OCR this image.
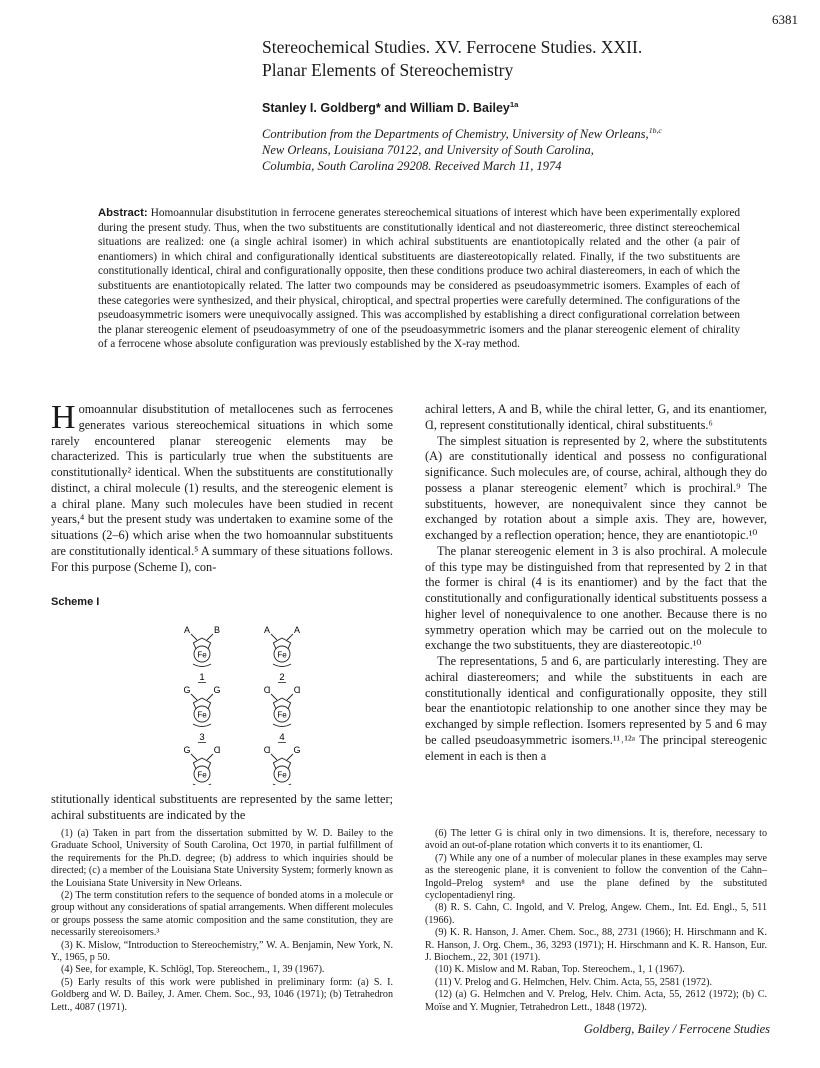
6381
Stereochemical Studies. XV. Ferrocene Studies. XXII.
Planar Elements of Stereochemistry
Stanley I. Goldberg* and William D. Bailey$^{1a}$
Contribution from the Departments of Chemistry, University of New Orleans,$^{1b,c}$
New Orleans, Louisiana 70122, and University of South Carolina,
Columbia, South Carolina 29208. Received March 11, 1974
Abstract: Homoannular disubstitution in ferrocene generates stereochemical situations of interest which have been experimentally explored during the present study. Thus, when the two substituents are constitutionally identical and not diastereomeric, three distinct stereochemical situations are realized: one (a single achiral isomer) in which achiral substituents are enantiotopically related and the other (a pair of enantiomers) in which chiral and configurationally identical substituents are diastereotopically related. Finally, if the two substituents are constitutionally identical, chiral and configurationally opposite, then these conditions produce two achiral diastereomers, in each of which the substituents are enantiotopically related. The latter two compounds may be considered as pseudoasymmetric isomers. Examples of each of these categories were synthesized, and their physical, chiroptical, and spectral properties were carefully determined. The configurations of the pseudoasymmetric isomers were unequivocally assigned. This was accomplished by establishing a direct configurational correlation between the planar stereogenic element of pseudoasymmetry of one of the pseudoasymmetric isomers and the planar stereogenic element of chirality of a ferrocene whose absolute configuration was previously established by the X-ray method.

Homoannular disubstitution of metallocenes such as ferrocenes generates various stereochemical situations in which some rarely encountered planar stereogenic elements may be characterized. This is particularly true when the substituents are constitutionally² identical. When the substituents are constitutionally distinct, a chiral molecule (1) results, and the stereogenic element is a chiral plane. Many such molecules have been studied in recent years,⁴ but the present study was undertaken to examine some of the situations (2–6) which arise when the two homoannular substituents are constitutionally identical.⁵ A summary of these situations follows. For this purpose (Scheme I), con-

Scheme I
Fe
A	B
1
Fe
A	A
2
Fe
G	G
3
Fe
Ɑ	Ɑ
4
Fe
G	Ɑ
Fe
Ɑ	G

stitutionally identical substituents are represented by the same letter; achiral substituents are indicated by the

achiral letters, A and B, while the chiral letter, G, and its enantiomer, Ɑ, represent constitutionally identical, chiral substituents.⁶

The simplest situation is represented by 2, where the substitutents (A) are constitutionally identical and possess no configurational significance. Such molecules are, of course, achiral, although they do possess a planar stereogenic element⁷ which is prochiral.⁹ The substituents, however, are nonequivalent since they cannot be exchanged by rotation about a simple axis. They are, however, exchanged by a reflection operation; hence, they are enantiotopic.¹⁰

The planar stereogenic element in 3 is also prochiral. A molecule of this type may be distinguished from that represented by 2 in that the former is chiral (4 is its enantiomer) and by the fact that the constitutionally and configurationally identical substituents possess a higher level of nonequivalence to one another. Because there is no symmetry operation which may be carried out on the molecule to exchange the two substituents, they are diastereotopic.¹⁰

The representations, 5 and 6, are particularly interesting. They are achiral diastereomers; and while the substituents in each are constitutionally identical and configurationally opposite, they still bear the enantiotopic relationship to one another since they may be exchanged by simple reflection. Isomers represented by 5 and 6 may be called pseudoasymmetric isomers.¹¹˒¹²ᵃ The principal stereogenic element in each is then a

(1) (a) Taken in part from the dissertation submitted by W. D. Bailey to the Graduate School, University of South Carolina, Oct 1970, in partial fulfillment of the requirements for the Ph.D. degree; (b) address to which inquiries should be directed; (c) a member of the Louisiana State University System; formerly known as the Louisiana State University in New Orleans.

(2) The term constitution refers to the sequence of bonded atoms in a molecule or group without any considerations of spatial arrangements. When different molecules or groups possess the same atomic composition and the same constitution, they are necessarily stereoisomers.³

(3) K. Mislow, “Introduction to Stereochemistry,” W. A. Benjamin, New York, N. Y., 1965, p 50.

(4) See, for example, K. Schlögl, Top. Stereochem., 1, 39 (1967).

(5) Early results of this work were published in preliminary form: (a) S. I. Goldberg and W. D. Bailey, J. Amer. Chem. Soc., 93, 1046 (1971); (b) Tetrahedron Lett., 4087 (1971).

(6) The letter G is chiral only in two dimensions. It is, therefore, necessary to avoid an out-of-plane rotation which converts it to its enantiomer, Ɑ.

(7) While any one of a number of molecular planes in these examples may serve as the stereogenic plane, it is convenient to follow the convention of the Cahn–Ingold–Prelog system⁸ and use the plane defined by the substituted cyclopentadienyl ring.

(8) R. S. Cahn, C. Ingold, and V. Prelog, Angew. Chem., Int. Ed. Engl., 5, 511 (1966).

(9) K. R. Hanson, J. Amer. Chem. Soc., 88, 2731 (1966); H. Hirschmann and K. R. Hanson, J. Org. Chem., 36, 3293 (1971); H. Hirschmann and K. R. Hanson, Eur. J. Biochem., 22, 301 (1971).

(10) K. Mislow and M. Raban, Top. Stereochem., 1, 1 (1967).

(11) V. Prelog and G. Helmchen, Helv. Chim. Acta, 55, 2581 (1972).

(12) (a) G. Helmchen and V. Prelog, Helv. Chim. Acta, 55, 2612 (1972); (b) C. Moïse and Y. Mugnier, Tetrahedron Lett., 1848 (1972).

Goldberg, Bailey / Ferrocene Studies
